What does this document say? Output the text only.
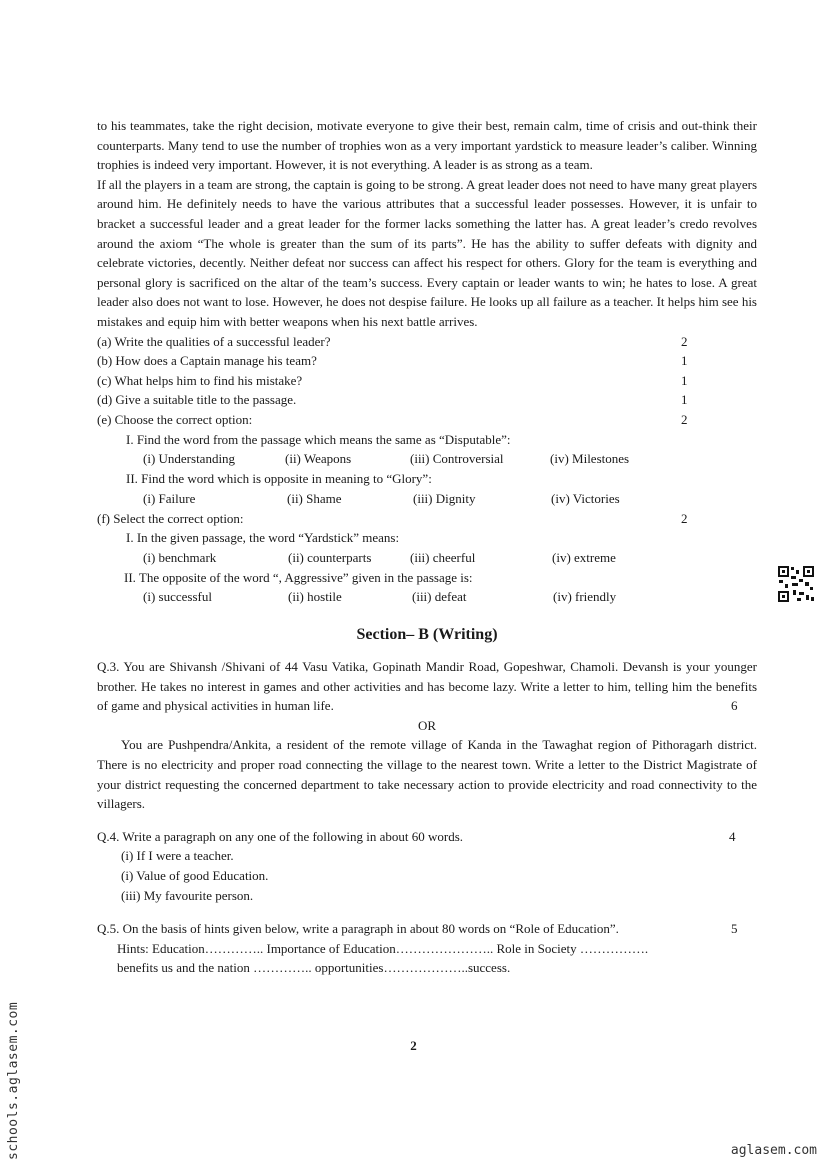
to his teammates, take the right decision, motivate everyone to give their best, remain calm, time of crisis and out-think their counterparts. Many tend to use the number of trophies won as a very important yardstick to measure leader’s caliber. Winning trophies is indeed very important. However, it is not everything. A leader is as strong as a team.

If all the players in a team are strong, the captain is going to be strong. A great leader does not need to have many great players around him. He definitely needs to have the various attributes that a successful leader possesses. However, it is unfair to bracket a successful leader and a great leader for the former lacks something the latter has. A great leader’s credo revolves around the axiom “The whole is greater than the sum of its parts”. He has the ability to suffer defeats with dignity and celebrate victories, decently. Neither defeat nor success can affect his respect for others. Glory for the team is everything and personal glory is sacrificed on the altar of the team’s success. Every captain or leader wants to win; he hates to lose. A great leader also does not want to lose. However, he does not despise failure. He looks up all failure as a teacher. It helps him see his mistakes and equip him with better weapons when his next battle arrives.

(a) Write the qualities of a successful leader?	2
(b) How does a Captain manage his team?	1
(c) What helps him to find his mistake?	1
(d) Give a suitable title to the passage.	1
(e) Choose the correct option:	2
I. Find the word from the passage which means the same as “Disputable”:
(i) Understanding	(ii) Weapons	(iii) Controversial	(iv) Milestones
II. Find the word which is opposite in meaning to “Glory”:
(i) Failure	(ii) Shame	(iii) Dignity	(iv) Victories
(f) Select the correct option:	2
I. In the given passage, the word “Yardstick” means:
(i) benchmark	(ii) counterparts	(iii) cheerful	(iv) extreme
II. The opposite of the word “, Aggressive” given in the passage is:
(i) successful	(ii) hostile	(iii) defeat	(iv) friendly
Section– B (Writing)

Q.3. You are Shivansh /Shivani of 44 Vasu Vatika, Gopinath Mandir Road, Gopeshwar, Chamoli. Devansh is your younger brother. He takes no interest in games and other activities and has become lazy. Write a letter to him, telling him the benefits of game and physical activities in human life.	6

OR

You are Pushpendra/Ankita, a resident of the remote village of Kanda in the Tawaghat region of Pithoragarh district. There is no electricity and proper road connecting the village to the nearest town. Write a letter to the District Magistrate of your district requesting the concerned department to take necessary action to provide electricity and road connectivity to the villagers.

Q.4. Write a paragraph on any one of the following in about 60 words.	4
(i) If I were a teacher.
(i) Value of good Education.
(iii) My favourite person.
Q.5. On the basis of hints given below, write a paragraph in about 80 words on “Role of Education”.	5
Hints: Education………….. Importance of Education………………….. Role in Society …………….
benefits us and the nation ………….. opportunities………………..success.
2
schools.aglasem.com	aglasem.com
